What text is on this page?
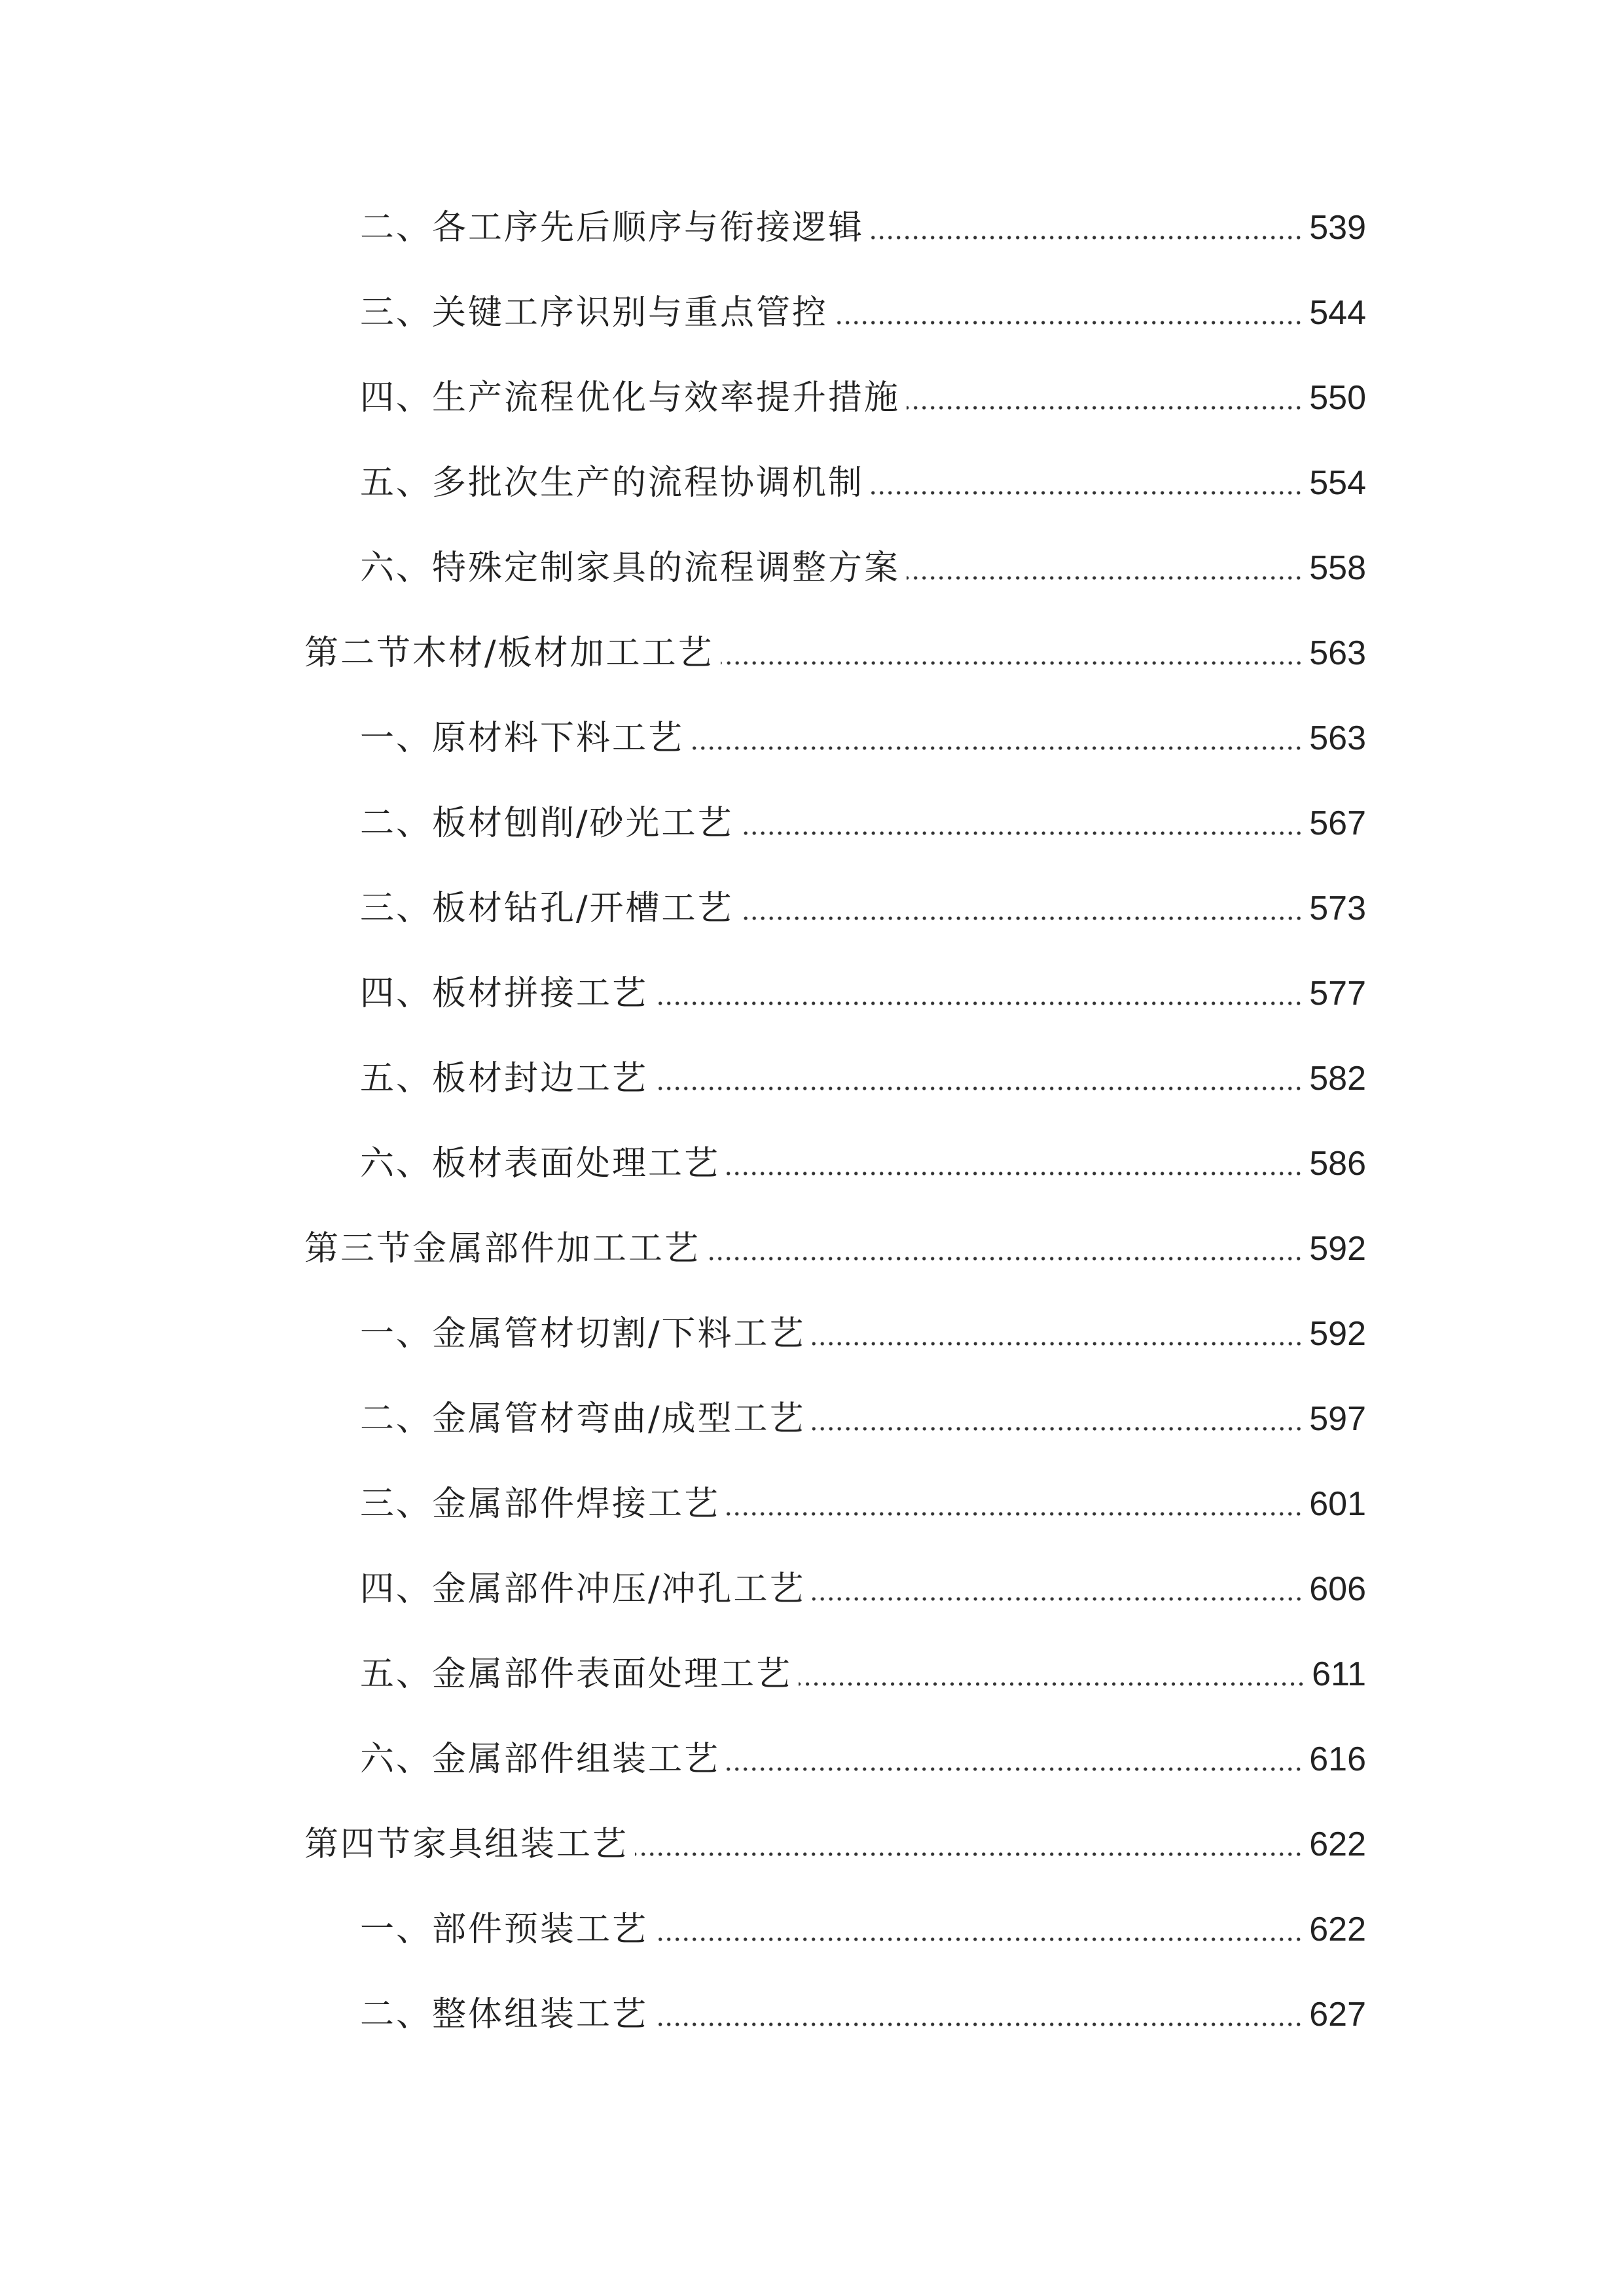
二、各工序先后顺序与衔接逻辑	539
三、关键工序识别与重点管控	544
四、生产流程优化与效率提升措施	550
五、多批次生产的流程协调机制	554
六、特殊定制家具的流程调整方案	558
第二节木材/板材加工工艺	563
一、原材料下料工艺	563
二、板材刨削/砂光工艺	567
三、板材钻孔/开槽工艺	573
四、板材拼接工艺	577
五、板材封边工艺	582
六、板材表面处理工艺	586
第三节金属部件加工工艺	592
一、金属管材切割/下料工艺	592
二、金属管材弯曲/成型工艺	597
三、金属部件焊接工艺	601
四、金属部件冲压/冲孔工艺	606
五、金属部件表面处理工艺	611
六、金属部件组装工艺	616
第四节家具组装工艺	622
一、部件预装工艺	622
二、整体组装工艺	627
